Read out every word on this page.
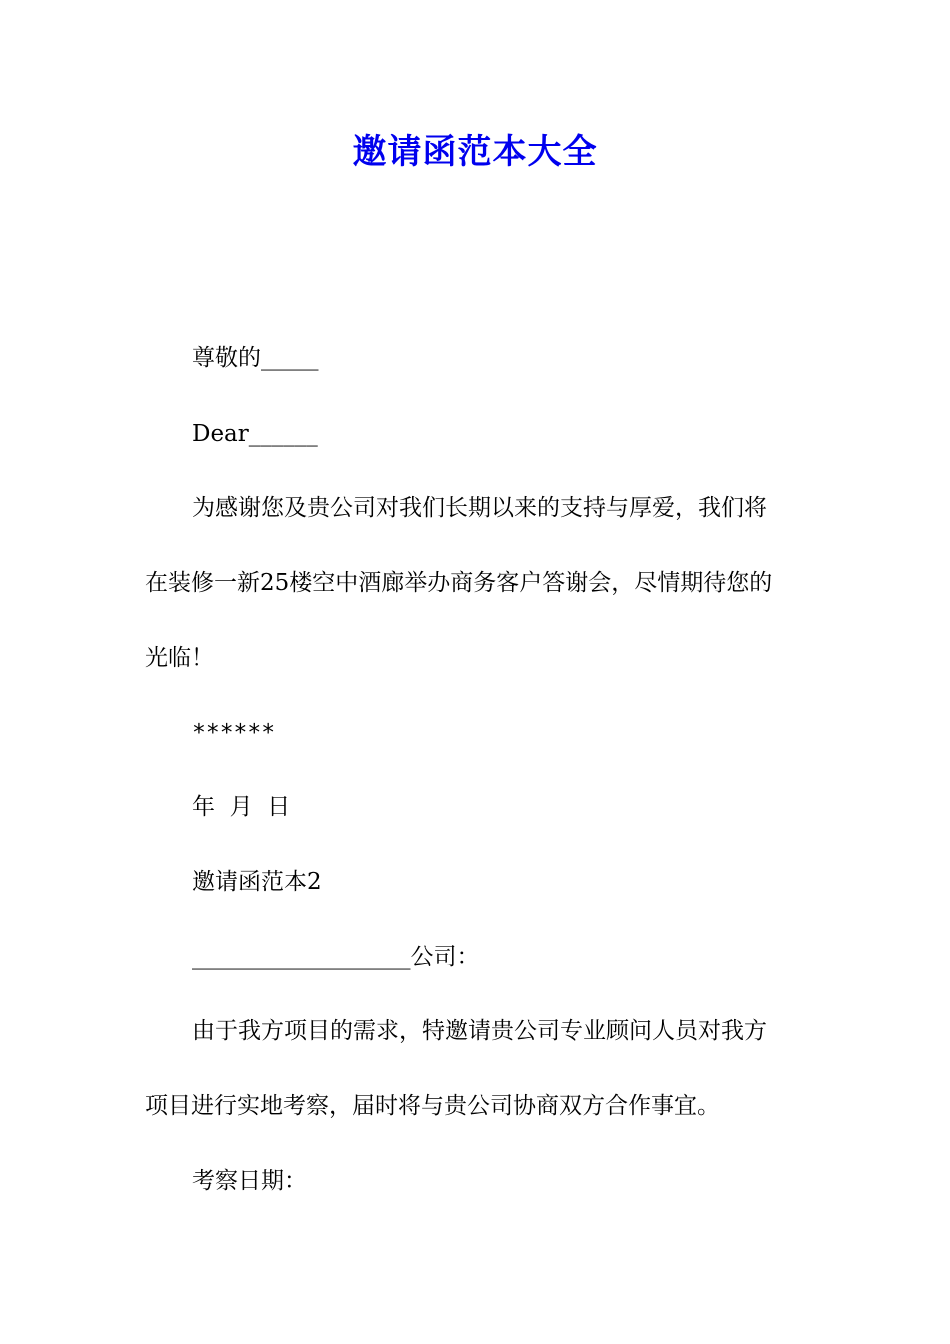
邀请函范本大全
尊敬的_____
Dear______
为感谢您及贵公司对我们长期以来的支持与厚爱，我们将
在装修一新25楼空中酒廊举办商务客户答谢会，尽情期待您的
光临！
******
年  月  日
邀请函范本2
___________________公司：
由于我方项目的需求，特邀请贵公司专业顾问人员对我方
项目进行实地考察，届时将与贵公司协商双方合作事宜。
考察日期：
